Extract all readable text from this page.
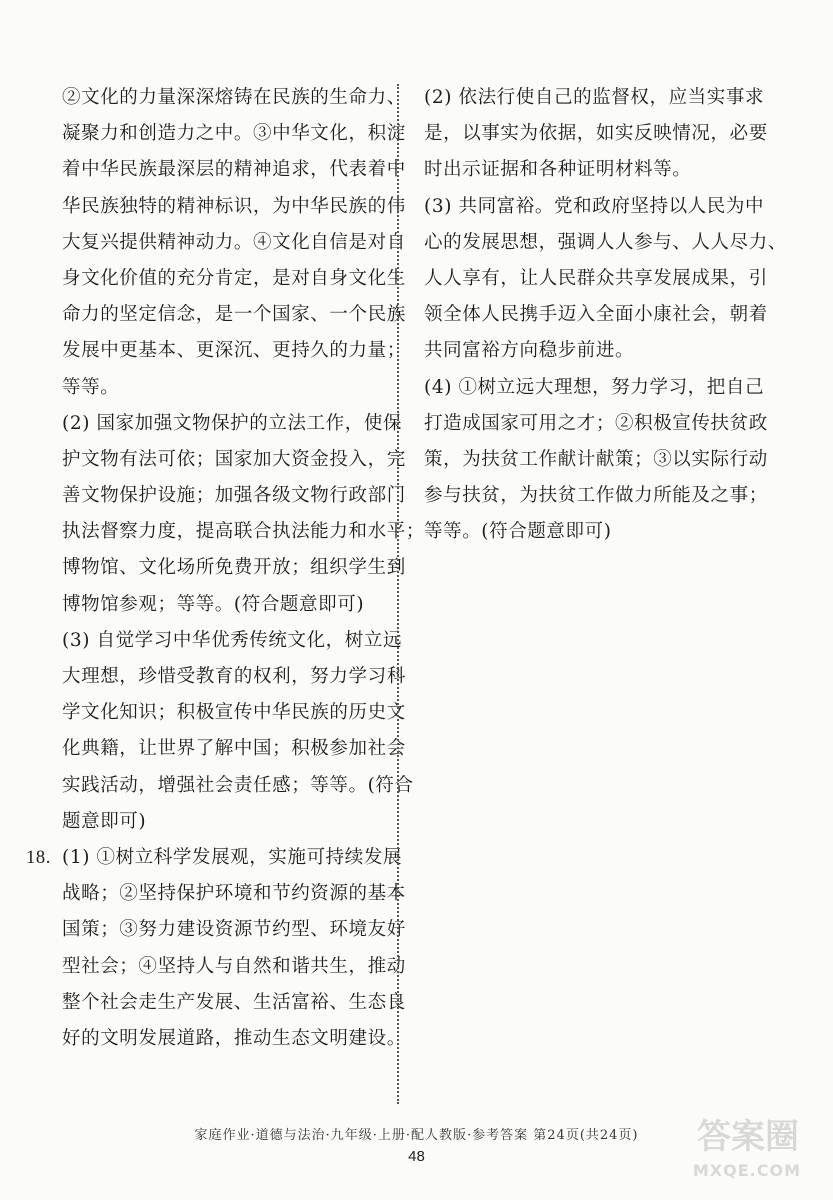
②文化的力量深深熔铸在民族的生命力、
凝聚力和创造力之中。③中华文化，积淀
着中华民族最深层的精神追求，代表着中
华民族独特的精神标识，为中华民族的伟
大复兴提供精神动力。④文化自信是对自
身文化价值的充分肯定，是对自身文化生
命力的坚定信念，是一个国家、一个民族
发展中更基本、更深沉、更持久的力量；
等等。
(2) 国家加强文物保护的立法工作，使保
护文物有法可依；国家加大资金投入，完
善文物保护设施；加强各级文物行政部门
执法督察力度，提高联合执法能力和水平；
博物馆、文化场所免费开放；组织学生到
博物馆参观；等等。(符合题意即可)
(3) 自觉学习中华优秀传统文化，树立远
大理想，珍惜受教育的权利，努力学习科
学文化知识；积极宣传中华民族的历史文
化典籍，让世界了解中国；积极参加社会
实践活动，增强社会责任感；等等。(符合
题意即可)
18. (1) ①树立科学发展观，实施可持续发展
战略；②坚持保护环境和节约资源的基本
国策；③努力建设资源节约型、环境友好
型社会；④坚持人与自然和谐共生，推动
整个社会走生产发展、生活富裕、生态良
好的文明发展道路，推动生态文明建设。
(2) 依法行使自己的监督权，应当实事求
是，以事实为依据，如实反映情况，必要
时出示证据和各种证明材料等。
(3) 共同富裕。党和政府坚持以人民为中
心的发展思想，强调人人参与、人人尽力、
人人享有，让人民群众共享发展成果，引
领全体人民携手迈入全面小康社会，朝着
共同富裕方向稳步前进。
(4) ①树立远大理想，努力学习，把自己
打造成国家可用之才；②积极宣传扶贫政
策，为扶贫工作献计献策；③以实际行动
参与扶贫，为扶贫工作做力所能及之事；
等等。(符合题意即可)
家庭作业·道德与法治·九年级·上册·配人教版·参考答案 第24页(共24页)
48	答案圈
MXQE.COM
